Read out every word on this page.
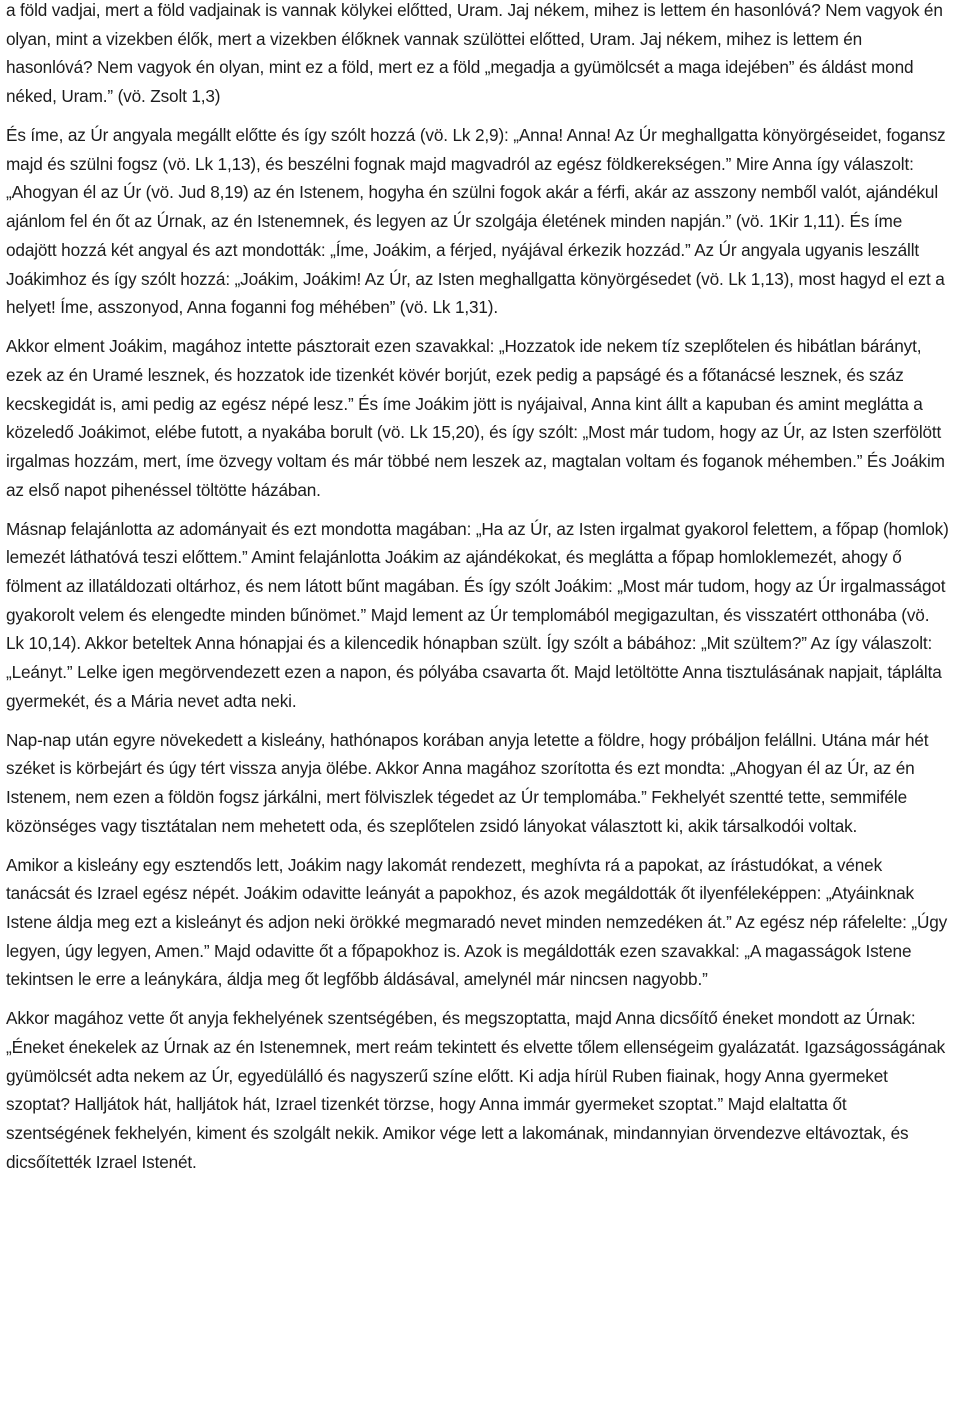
a föld vadjai, mert a föld vadjainak is vannak kölykei előtted, Uram. Jaj nékem, mihez is lettem én hasonlóvá? Nem vagyok én olyan, mint a vizekben élők, mert a vizekben élőknek vannak szülöttei előtted, Uram. Jaj nékem, mihez is lettem én hasonlóvá? Nem vagyok én olyan, mint ez a föld, mert ez a föld „megadja a gyümölcsét a maga idejében” és áldást mond néked, Uram.” (vö. Zsolt 1,3)

És íme, az Úr angyala megállt előtte és így szólt hozzá (vö. Lk 2,9): „Anna! Anna! Az Úr meghallgatta könyörgéseidet, fogansz majd és szülni fogsz (vö. Lk 1,13), és beszélni fognak majd magvadról az egész földkerekségen.” Mire Anna így válaszolt: „Ahogyan él az Úr (vö. Jud 8,19) az én Istenem, hogyha én szülni fogok akár a férfi, akár az asszony nemből valót, ajándékul ajánlom fel én őt az Úrnak, az én Istenemnek, és legyen az Úr szolgája életének minden napján.” (vö. 1Kir 1,11). És íme odajött hozzá két angyal és azt mondották: „Íme, Joákim, a férjed, nyájával érkezik hozzád.” Az Úr angyala ugyanis leszállt Joákimhoz és így szólt hozzá: „Joákim, Joákim! Az Úr, az Isten meghallgatta könyörgésedet (vö. Lk 1,13), most hagyd el ezt a helyet! Íme, asszonyod, Anna foganni fog méhében” (vö. Lk 1,31).

Akkor elment Joákim, magához intette pásztorait ezen szavakkal: „Hozzatok ide nekem tíz szeplőtelen és hibátlan bárányt, ezek az én Uramé lesznek, és hozzatok ide tizenkét kövér borjút, ezek pedig a papságé és a főtanácsé lesznek, és száz kecskegidát is, ami pedig az egész népé lesz.” És íme Joákim jött is nyájaival, Anna kint állt a kapuban és amint meglátta a közeledő Joákimot, elébe futott, a nyakába borult (vö. Lk 15,20), és így szólt: „Most már tudom, hogy az Úr, az Isten szerfölött irgalmas hozzám, mert, íme özvegy voltam és már többé nem leszek az, magtalan voltam és foganok méhemben.” És Joákim az első napot pihenéssel töltötte házában.

Másnap felajánlotta az adományait és ezt mondotta magában: „Ha az Úr, az Isten irgalmat gyakorol felettem, a főpap (homlok) lemezét láthatóvá teszi előttem.” Amint felajánlotta Joákim az ajándékokat, és meglátta a főpap homloklemezét, ahogy ő fölment az illatáldozati oltárhoz, és nem látott bűnt magában. És így szólt Joákim: „Most már tudom, hogy az Úr irgalmasságot gyakorolt velem és elengedte minden bűnömet.” Majd lement az Úr templomából megigazultan, és visszatért otthonába (vö. Lk 10,14). Akkor beteltek Anna hónapjai és a kilencedik hónapban szült. Így szólt a bábához: „Mit szültem?” Az így válaszolt: „Leányt.” Lelke igen megörvendezett ezen a napon, és pólyába csavarta őt. Majd letöltötte Anna tisztulásának napjait, táplálta gyermekét, és a Mária nevet adta neki.

Nap-nap után egyre növekedett a kisleány, hathónapos korában anyja letette a földre, hogy próbáljon felállni. Utána már hét széket is körbejárt és úgy tért vissza anyja ölébe. Akkor Anna magához szorította és ezt mondta: „Ahogyan él az Úr, az én Istenem, nem ezen a földön fogsz járkálni, mert fölviszlek tégedet az Úr templomába.” Fekhelyét szentté tette, semmiféle közönséges vagy tisztátalan nem mehetett oda, és szeplőtelen zsidó lányokat választott ki, akik társalkodói voltak.

Amikor a kisleány egy esztendős lett, Joákim nagy lakomát rendezett, meghívta rá a papokat, az írástudókat, a vének tanácsát és Izrael egész népét. Joákim odavitte leányát a papokhoz, és azok megáldották őt ilyenféleképpen: „Atyáinknak Istene áldja meg ezt a kisleányt és adjon neki örökké megmaradó nevet minden nemzedéken át.” Az egész nép ráfelelte: „Úgy legyen, úgy legyen, Amen.” Majd odavitte őt a főpapokhoz is. Azok is megáldották ezen szavakkal: „A magasságok Istene tekintsen le erre a leánykára, áldja meg őt legfőbb áldásával, amelynél már nincsen nagyobb.”

Akkor magához vette őt anyja fekhelyének szentségében, és megszoptatta, majd Anna dicsőítő éneket mondott az Úrnak: „Éneket énekelek az Úrnak az én Istenemnek, mert reám tekintett és elvette tőlem ellenségeim gyalázatát. Igazságosságának gyümölcsét adta nekem az Úr, egyedülálló és nagyszerű színe előtt. Ki adja hírül Ruben fiainak, hogy Anna gyermeket szoptat? Halljátok hát, halljátok hát, Izrael tizenkét törzse, hogy Anna immár gyermeket szoptat.” Majd elaltatta őt szentségének fekhelyén, kiment és szolgált nekik. Amikor vége lett a lakomának, mindannyian örvendezve eltávoztak, és dicsőítették Izrael Istenét.
